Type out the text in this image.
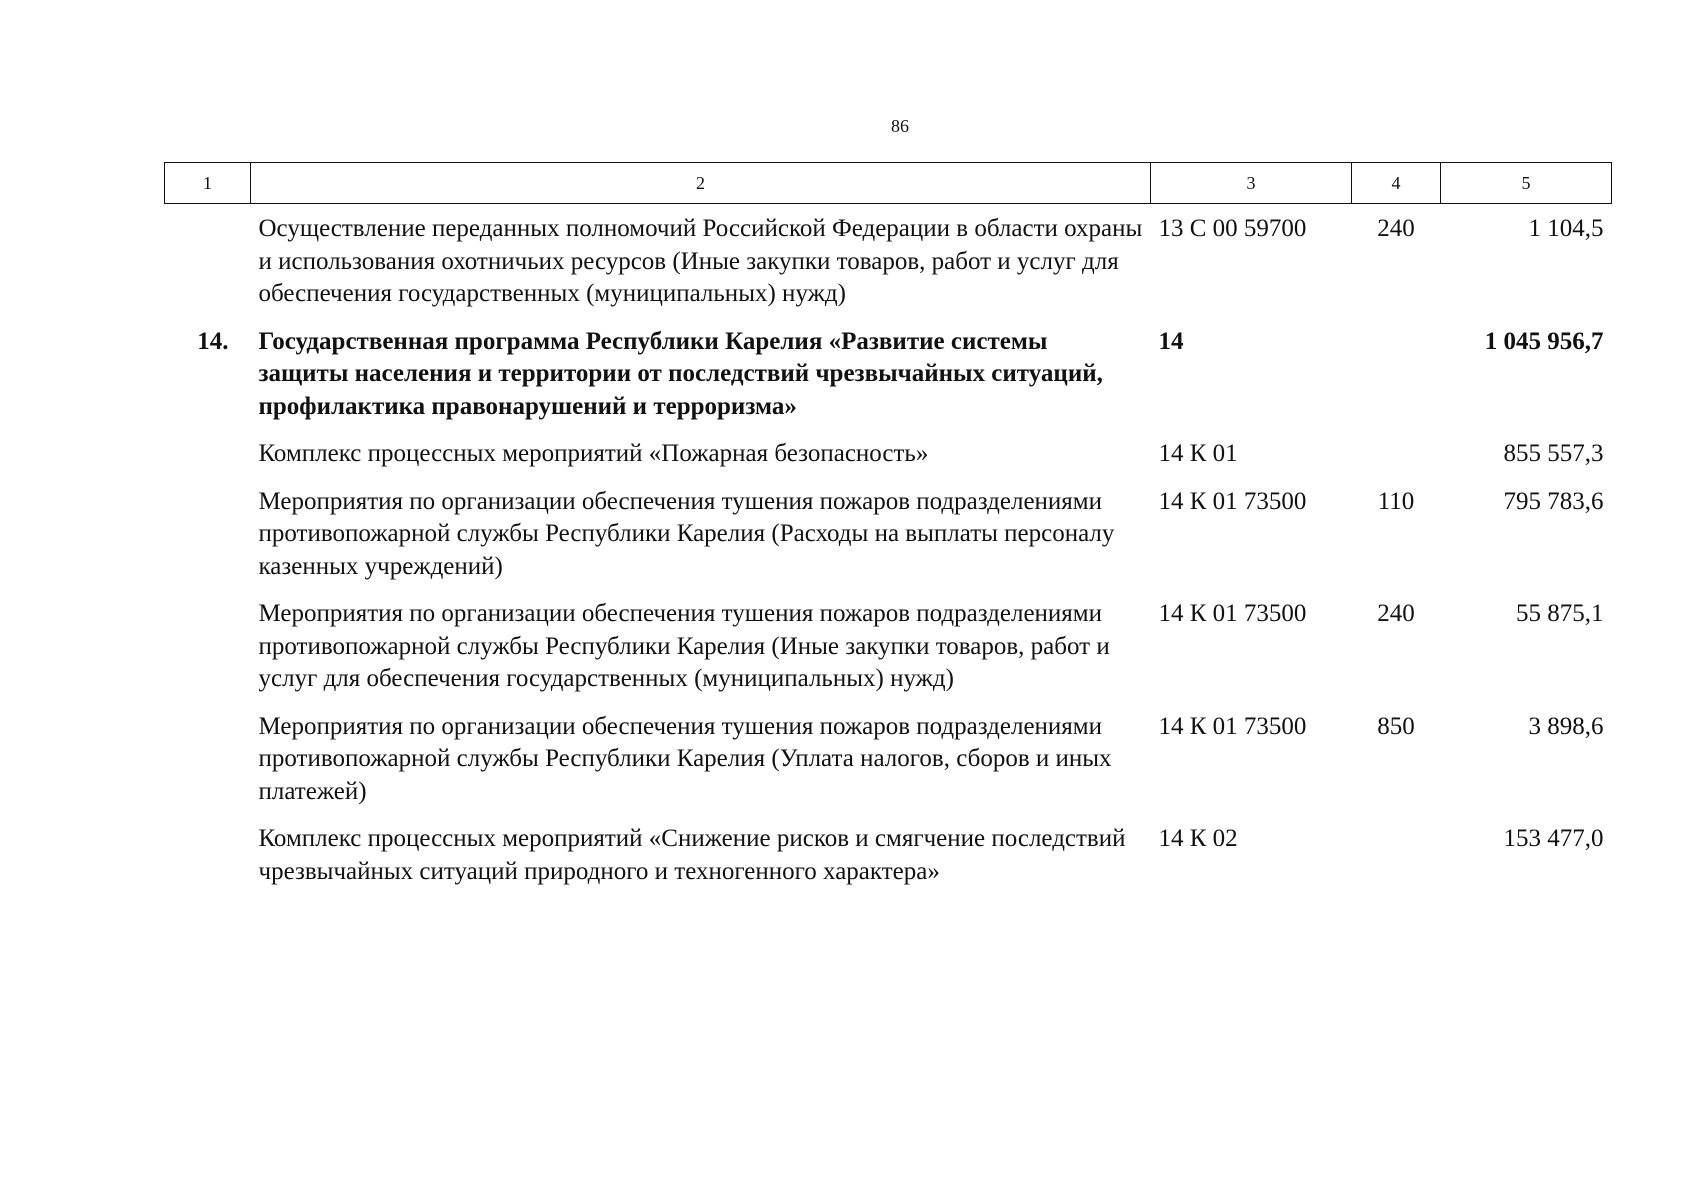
86
1	2	3	4	5
	Осуществление переданных полномочий Российской Федерации в области охраны и использования охотничьих ресурсов (Иные закупки товаров, работ и услуг для обеспечения государственных (муниципальных) нужд)	13 С 00 59700	240	1 104,5
14.	Государственная программа Республики Карелия «Развитие системы защиты населения и территории от последствий чрезвычайных ситуаций, профилактика правонарушений и терроризма»	14		1 045 956,7
	Комплекс процессных мероприятий «Пожарная безопасность»	14 К 01		855 557,3
	Мероприятия по организации обеспечения тушения пожаров подразделениями противопожарной службы Республики Карелия (Расходы на выплаты персоналу казенных учреждений)	14 К 01 73500	110	795 783,6
	Мероприятия по организации обеспечения тушения пожаров подразделениями противопожарной службы Республики Карелия (Иные закупки товаров, работ и услуг для обеспечения государственных (муниципальных) нужд)	14 К 01 73500	240	55 875,1
	Мероприятия по организации обеспечения тушения пожаров подразделениями противопожарной службы Республики Карелия (Уплата налогов, сборов и иных платежей)	14 К 01 73500	850	3 898,6
	Комплекс процессных мероприятий «Снижение рисков и смягчение последствий чрезвычайных ситуаций природного и техногенного характера»	14 К 02		153 477,0
